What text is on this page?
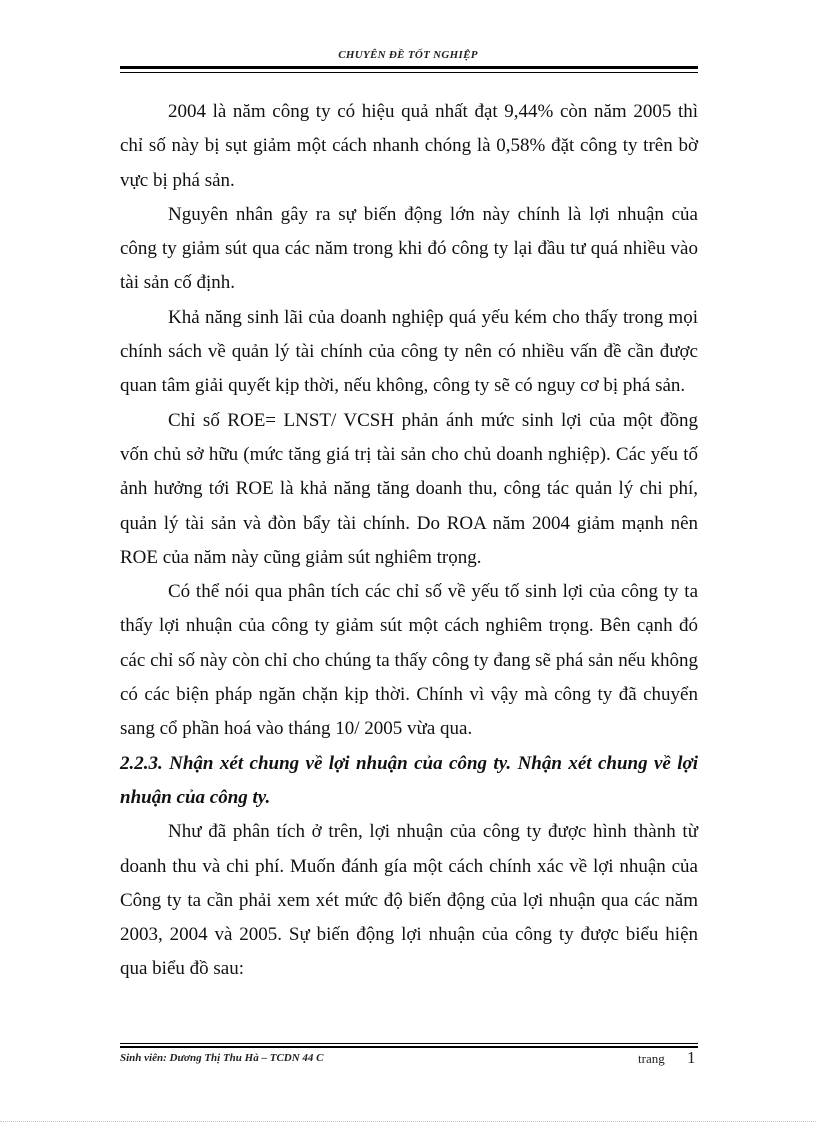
CHUYÊN ĐỀ TỐT NGHIỆP

2004 là năm công ty có hiệu quả nhất đạt 9,44% còn năm 2005 thì chỉ số này bị sụt giảm một cách nhanh chóng là 0,58% đặt công ty trên bờ vực bị phá sản.

Nguyên nhân gây ra sự biến động lớn này chính là lợi nhuận của công ty giảm sút qua các năm trong khi đó công ty lại đầu tư quá nhiều vào tài sản cố định.

Khả năng sinh lãi của doanh nghiệp quá yếu kém cho thấy trong mọi chính sách về quản lý tài chính của công ty nên có nhiều vấn đề cần được quan tâm giải quyết kịp thời, nếu không, công ty sẽ có nguy cơ bị phá sản.

Chỉ số ROE= LNST/ VCSH phản ánh mức sinh lợi của một đồng vốn chủ sở hữu (mức tăng giá trị tài sản cho chủ doanh nghiệp). Các yếu tố ảnh hưởng tới ROE là khả năng tăng doanh thu, công tác quản lý chi phí, quản lý tài sản và đòn bẩy tài chính. Do ROA năm 2004 giảm mạnh nên ROE của năm này cũng giảm sút nghiêm trọng.

Có thể nói qua phân tích các chỉ số về yếu tố sinh lợi của công ty ta thấy lợi nhuận của công ty giảm sút một cách nghiêm trọng. Bên cạnh đó các chỉ số này còn chỉ cho chúng ta thấy công ty đang sẽ phá sản nếu không có các biện pháp ngăn chặn kịp thời. Chính vì vậy mà công ty đã chuyển sang cổ phần hoá vào tháng 10/ 2005 vừa qua.

2.2.3. Nhận xét chung về lợi nhuận của công ty. Nhận xét chung về lợi nhuận của công ty.

Như đã phân tích ở trên, lợi nhuận của công ty được hình thành từ doanh thu và chi phí. Muốn đánh gía một cách chính xác về lợi nhuận của Công ty ta cần phải xem xét mức độ biến động của lợi nhuận qua các năm 2003, 2004 và 2005. Sự biến động lợi nhuận của công ty được biểu hiện qua biểu đồ sau:

Sinh viên: Dương Thị Thu Hà – TCDN 44 C	trang 1
